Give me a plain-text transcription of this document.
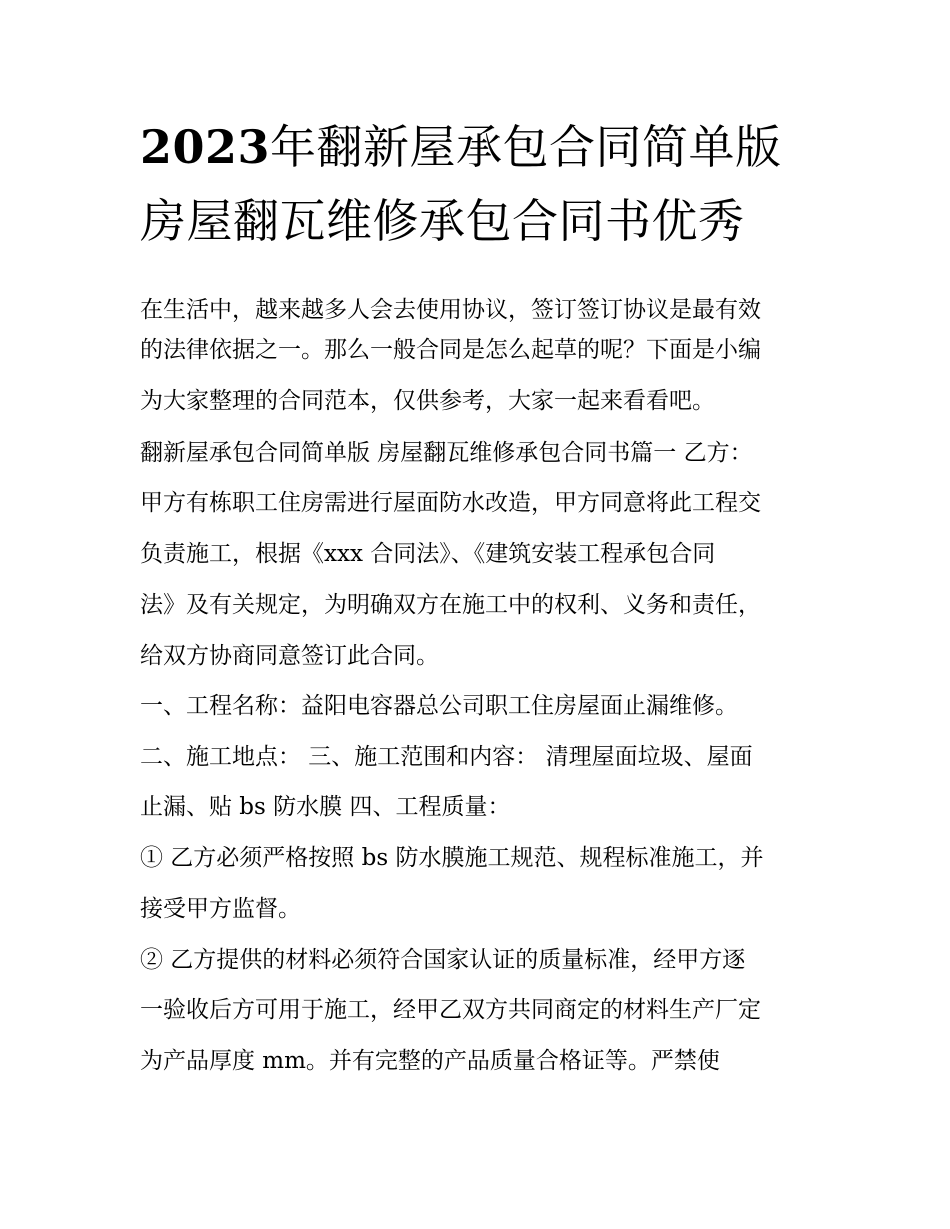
2023年翻新屋承包合同简单版
房屋翻瓦维修承包合同书优秀
在生活中，越来越多人会去使用协议，签订签订协议是最有效
的法律依据之一。那么一般合同是怎么起草的呢？下面是小编
为大家整理的合同范本，仅供参考，大家一起来看看吧。
翻新屋承包合同简单版 房屋翻瓦维修承包合同书篇一 乙方：
甲方有栋职工住房需进行屋面防水改造，甲方同意将此工程交
负责施工，根据《xxx 合同法》、《建筑安装工程承包合同
法》及有关规定，为明确双方在施工中的权利、义务和责任，
给双方协商同意签订此合同。
一、工程名称：益阳电容器总公司职工住房屋面止漏维修。
二、施工地点： 三、施工范围和内容： 清理屋面垃圾、屋面
止漏、贴 bs 防水膜 四、工程质量：
① 乙方必须严格按照 bs 防水膜施工规范、规程标准施工，并
接受甲方监督。
② 乙方提供的材料必须符合国家认证的质量标准，经甲方逐
一验收后方可用于施工，经甲乙双方共同商定的材料生产厂定
为产品厚度 mm。并有完整的产品质量合格证等。严禁使
